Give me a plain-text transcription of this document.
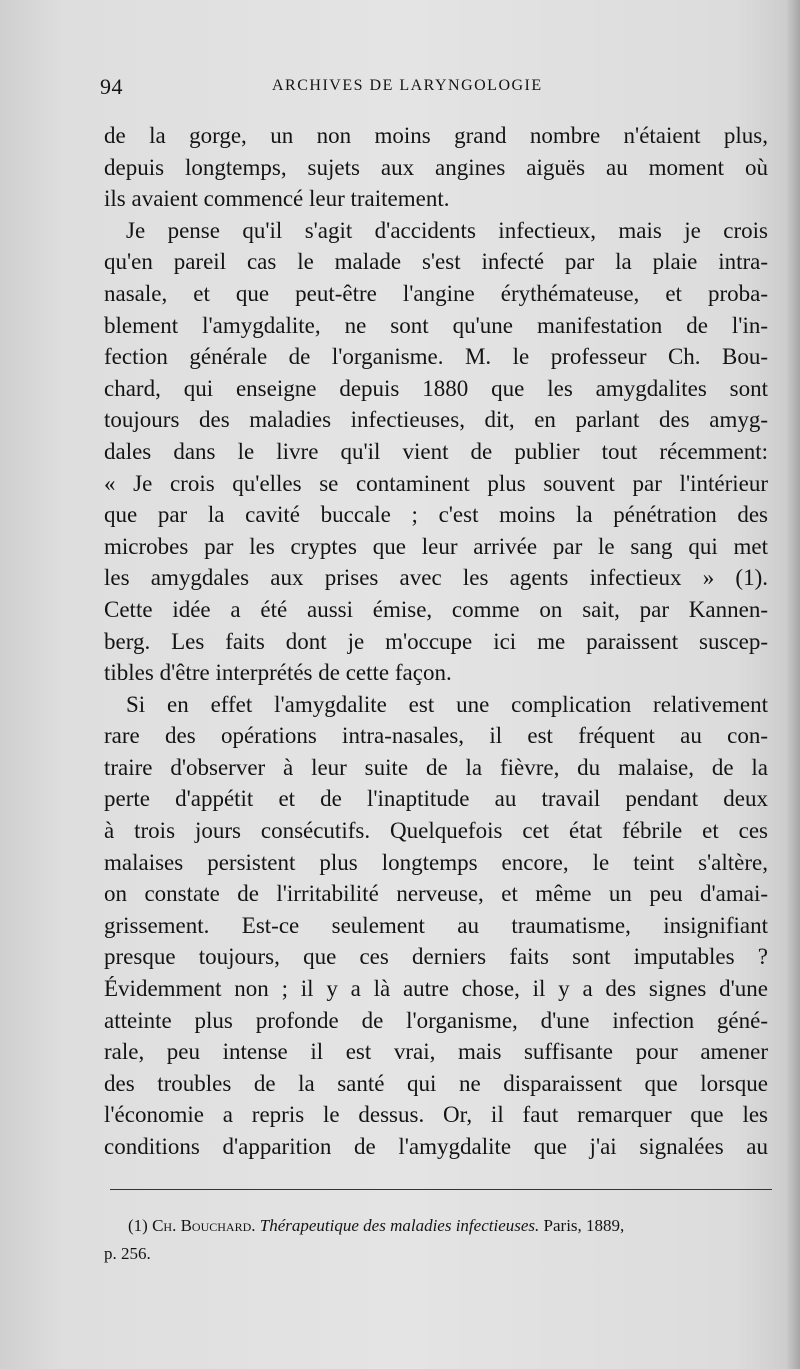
94	ARCHIVES DE LARYNGOLOGIE
de la gorge, un non moins grand nombre n'étaient plus,
depuis longtemps, sujets aux angines aiguës au moment où
ils avaient commencé leur traitement.
Je pense qu'il s'agit d'accidents infectieux, mais je crois
qu'en pareil cas le malade s'est infecté par la plaie intra-
nasale, et que peut-être l'angine érythémateuse, et proba-
blement l'amygdalite, ne sont qu'une manifestation de l'in-
fection générale de l'organisme. M. le professeur Ch. Bou-
chard, qui enseigne depuis 1880 que les amygdalites sont
toujours des maladies infectieuses, dit, en parlant des amyg-
dales dans le livre qu'il vient de publier tout récemment:
« Je crois qu'elles se contaminent plus souvent par l'intérieur
que par la cavité buccale ; c'est moins la pénétration des
microbes par les cryptes que leur arrivée par le sang qui met
les amygdales aux prises avec les agents infectieux » (1).
Cette idée a été aussi émise, comme on sait, par Kannen-
berg. Les faits dont je m'occupe ici me paraissent suscep-
tibles d'être interprétés de cette façon.
Si en effet l'amygdalite est une complication relativement
rare des opérations intra-nasales, il est fréquent au con-
traire d'observer à leur suite de la fièvre, du malaise, de la
perte d'appétit et de l'inaptitude au travail pendant deux
à trois jours consécutifs. Quelquefois cet état fébrile et ces
malaises persistent plus longtemps encore, le teint s'altère,
on constate de l'irritabilité nerveuse, et même un peu d'amai-
grissement. Est-ce seulement au traumatisme, insignifiant
presque toujours, que ces derniers faits sont imputables ?
Évidemment non ; il y a là autre chose, il y a des signes d'une
atteinte plus profonde de l'organisme, d'une infection géné-
rale, peu intense il est vrai, mais suffisante pour amener
des troubles de la santé qui ne disparaissent que lorsque
l'économie a repris le dessus. Or, il faut remarquer que les
conditions d'apparition de l'amygdalite que j'ai signalées au
(1) Ch. Bouchard. Thérapeutique des maladies infectieuses. Paris, 1889,
p. 256.
